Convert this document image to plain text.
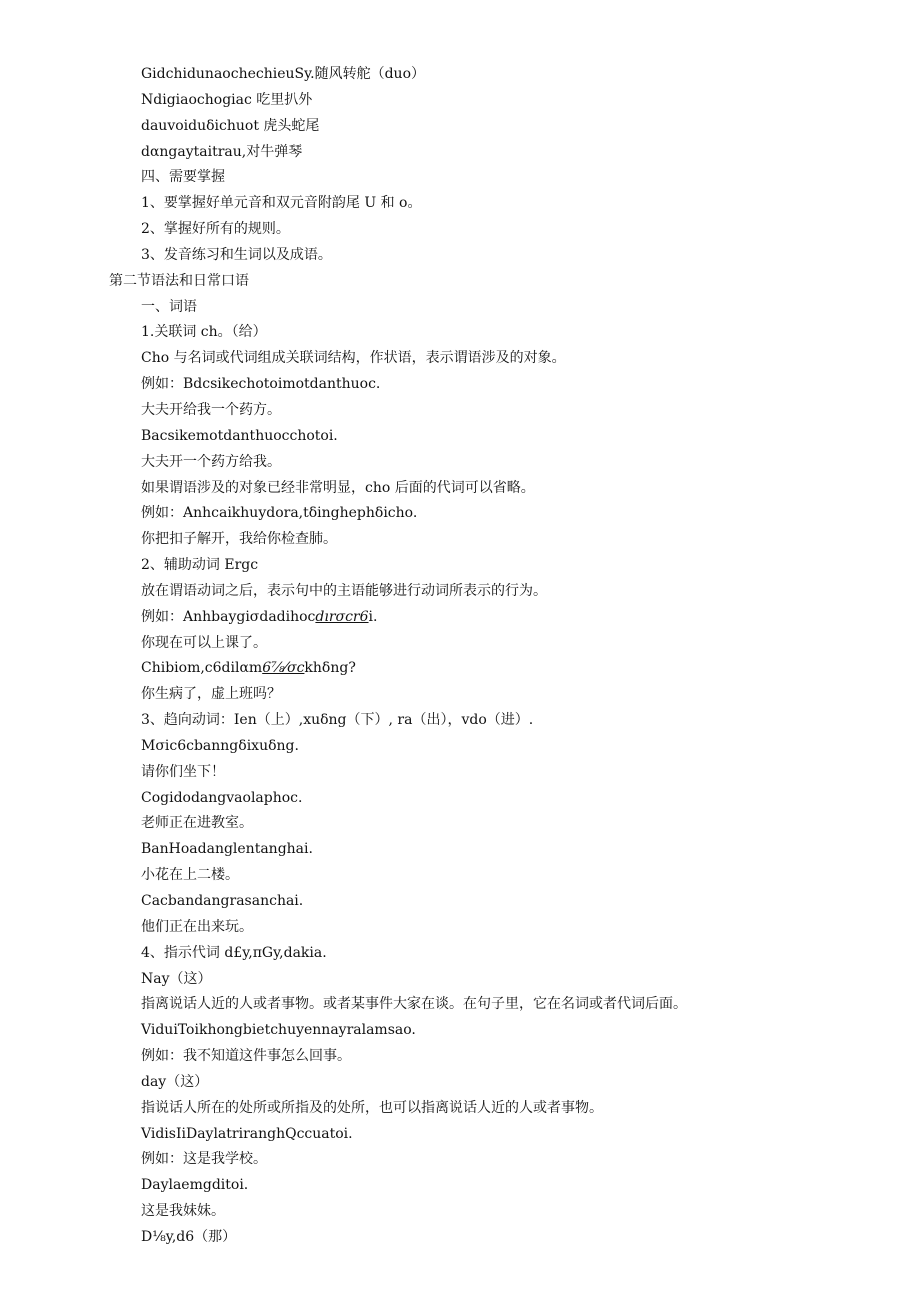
GidchidunaochechieuSy.随风转舵（duo）
Ndigiaochogiac 吃里扒外
dauvoiduδichuot 虎头蛇尾
dαngaytaitrau,对牛弹琴
四、需要掌握
1、要掌握好单元音和双元音附韵尾 U 和 o。
2、掌握好所有的规则。
3、发音练习和生词以及成语。
第二节语法和日常口语
一、词语
1.关联词 ch。（给）
Cho 与名词或代词组成关联词结构，作状语，表示谓语涉及的对象。
例如：Bdcsikechotoimotdanthuoc.
大夫开给我一个药方。
Bacsikemotdanthuocchotoi.
大夫开一个药方给我。
如果谓语涉及的对象已经非常明显，cho 后面的代词可以省略。
例如：Anhcaikhuydora,tδinghephδicho.
你把扣子解开，我给你检查肺。
2、辅助动词 Ergc
放在谓语动词之后，表示句中的主语能够进行动词所表示的行为。
例如：Anhbaygiσdadihocdırσcr6i.
你现在可以上课了。
Chibiom,c6dilαm6⅞⁄σckhδng?
你生病了，虚上班吗？
3、趋向动词：Ien（上）,xuδng（下）, ra（出），vdo（进）.
Mσic6cbanngδixuδng.
请你们坐下！
Cogidodangvaolaphoc.
老师正在进教室。
BanHoadanglentanghai.
小花在上二楼。
Cacbandangrasanchai.
他们正在出来玩。
4、指示代词 d£y,πGy,dakia.
Nay（这）
指离说话人近的人或者事物。或者某事件大家在谈。在句子里，它在名词或者代词后面。
ViduiToikhongbietchuyennayralamsao.
例如：我不知道这件事怎么回事。
day（这）
指说话人所在的处所或所指及的处所，也可以指离说话人近的人或者事物。
VidisIiDaylatriranghQccuatoi.
例如：这是我学校。
Daylaemgditoi.
这是我妹妹。
D⅛y,d6（那）
